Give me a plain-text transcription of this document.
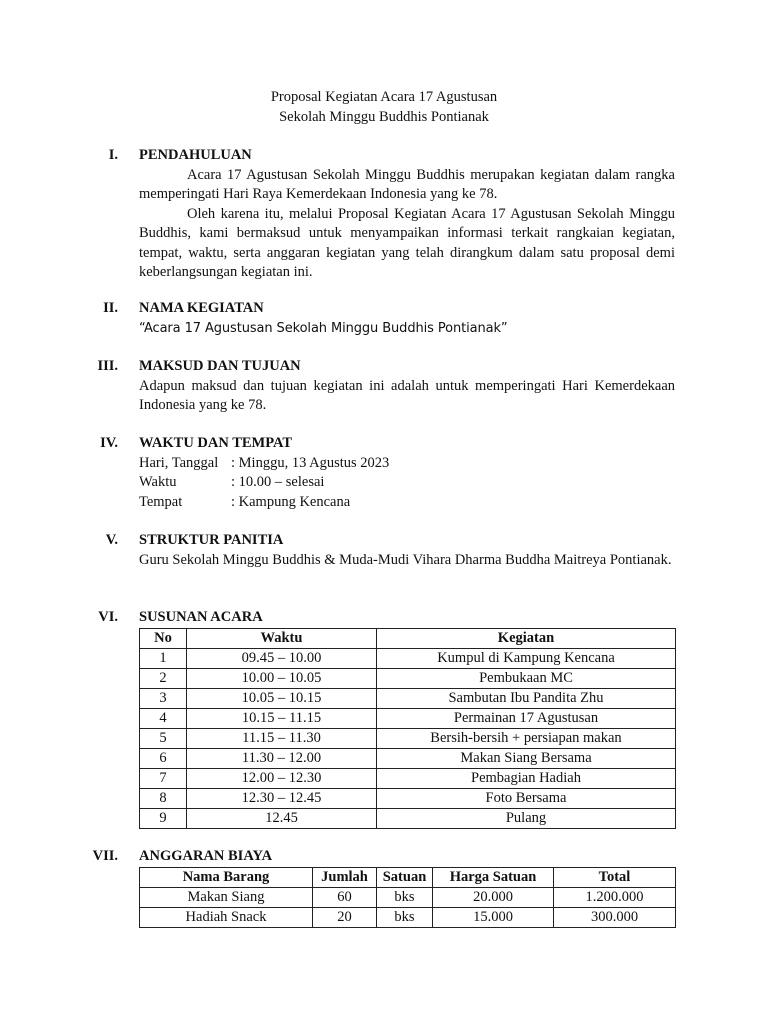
Proposal Kegiatan Acara 17 Agustusan
Sekolah Minggu Buddhis Pontianak
I. PENDAHULUAN
Acara 17 Agustusan Sekolah Minggu Buddhis merupakan kegiatan dalam rangka memperingati Hari Raya Kemerdekaan Indonesia yang ke 78.
Oleh karena itu, melalui Proposal Kegiatan Acara 17 Agustusan Sekolah Minggu Buddhis, kami bermaksud untuk menyampaikan informasi terkait rangkaian kegiatan, tempat, waktu, serta anggaran kegiatan yang telah dirangkum dalam satu proposal demi keberlangsungan kegiatan ini.
II. NAMA KEGIATAN
“Acara 17 Agustusan Sekolah Minggu Buddhis Pontianak”
III. MAKSUD DAN TUJUAN
Adapun maksud dan tujuan kegiatan ini adalah untuk memperingati Hari Kemerdekaan Indonesia yang ke 78.
IV. WAKTU DAN TEMPAT
Hari, Tanggal : Minggu, 13 Agustus 2023
Waktu	: 10.00 – selesai
Tempat	: Kampung Kencana
V. STRUKTUR PANITIA
Guru Sekolah Minggu Buddhis & Muda-Mudi Vihara Dharma Buddha Maitreya Pontianak.
VI. SUSUNAN ACARA
No	Waktu	Kegiatan
1	09.45 – 10.00	Kumpul di Kampung Kencana
2	10.00 – 10.05	Pembukaan MC
3	10.05 – 10.15	Sambutan Ibu Pandita Zhu
4	10.15 – 11.15	Permainan 17 Agustusan
5	11.15 – 11.30	Bersih-bersih + persiapan makan
6	11.30 – 12.00	Makan Siang Bersama
7	12.00 – 12.30	Pembagian Hadiah
8	12.30 – 12.45	Foto Bersama
9	12.45	Pulang
VII. ANGGARAN BIAYA
Nama Barang	Jumlah	Satuan	Harga Satuan	Total
Makan Siang	60	bks	20.000	1.200.000
Hadiah Snack	20	bks	15.000	300.000
